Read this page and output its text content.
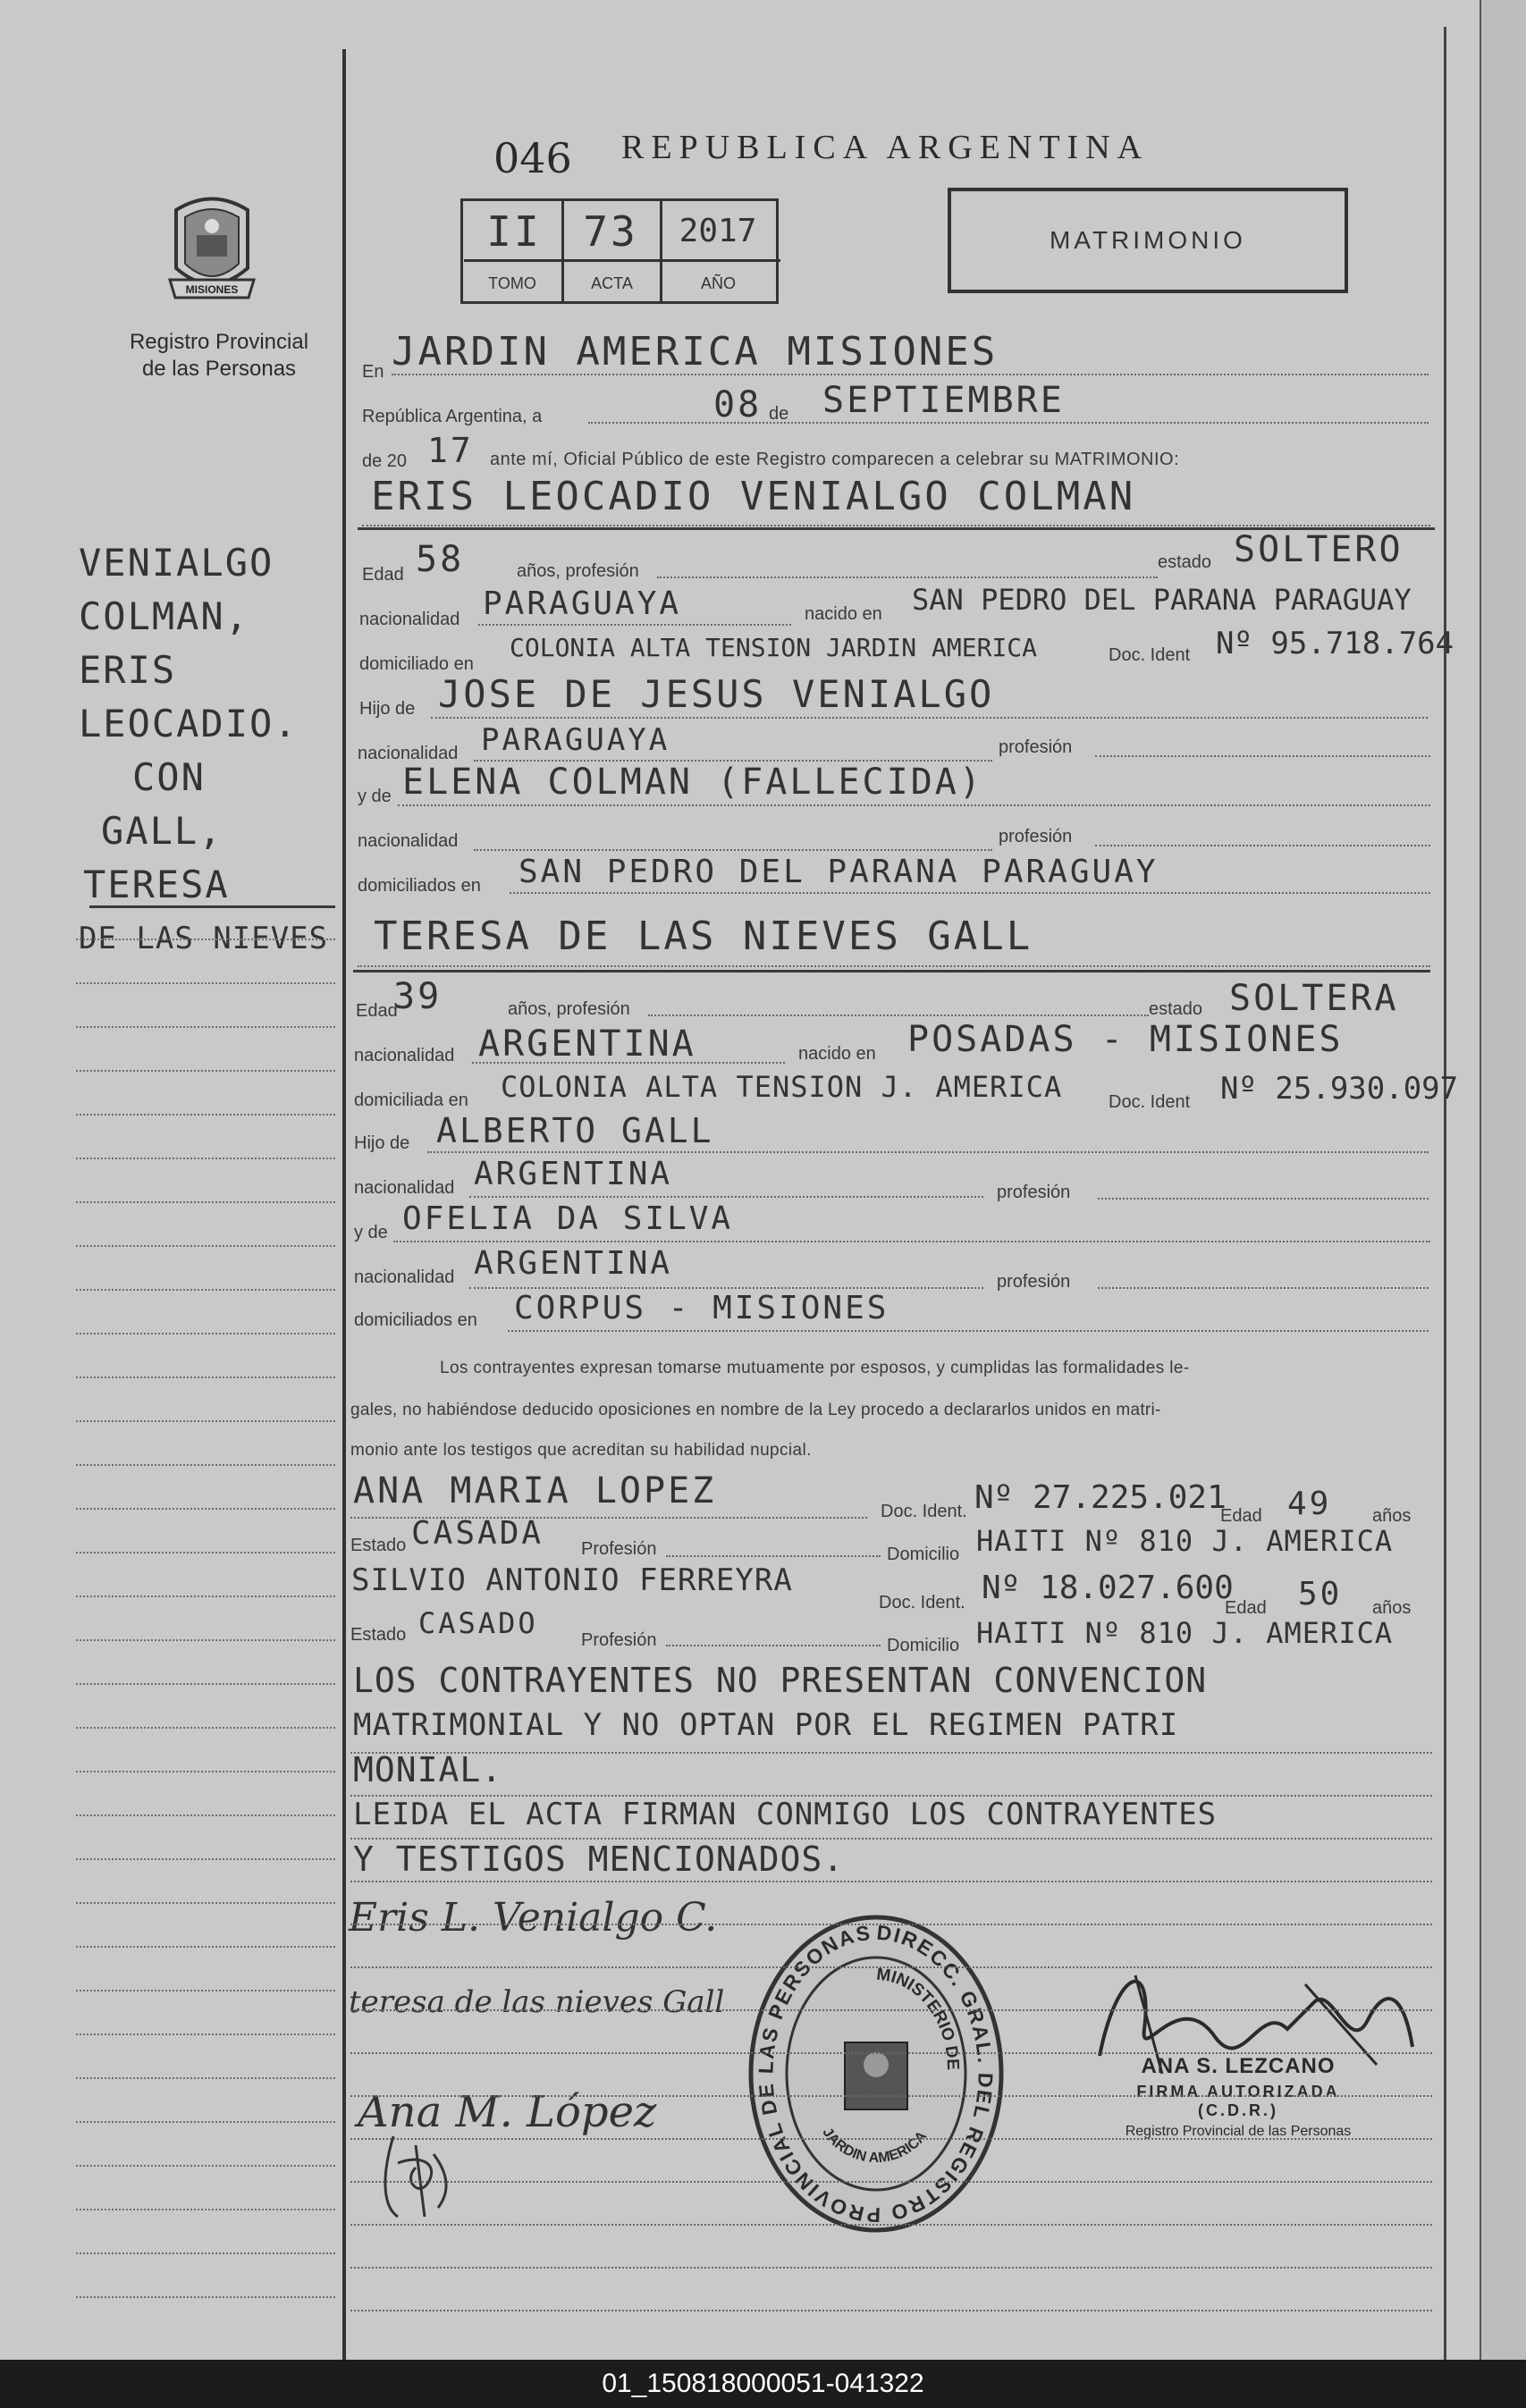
MISIONES
Registro Provincial
de las Personas
046 REPUBLICA ARGENTINA
II	73	2017
TOMO	ACTA	AÑO
MATRIMONIO
VENIALGO
COLMAN,
ERIS
LEOCADIO.
CON
GALL,
TERESA
DE LAS NIEVES
En JARDIN AMERICA MISIONES
República Argentina, a	08 de SEPTIEMBRE
de 20 17 ante mí, Oficial Público de este Registro comparecen a celebrar su MATRIMONIO:
ERIS LEOCADIO VENIALGO COLMAN
Edad 58	años, profesión	estado SOLTERO
nacionalidad PARAGUAYA	nacido en SAN PEDRO DEL PARANA PARAGUAY
domiciliado en
COLONIA ALTA TENSION JARDIN AMERICA	Doc. Ident Nº 95.718.764
Hijo de JOSE DE JESUS VENIALGO
nacionalidad PARAGUAYA	profesión
y de ELENA COLMAN (FALLECIDA)
nacionalidad	profesión
domiciliados en SAN PEDRO DEL PARANA PARAGUAY
TERESA DE LAS NIEVES GALL
Edad
39	años, profesión	estado SOLTERA
nacionalidad ARGENTINA	nacido en POSADAS - MISIONES
domiciliada en COLONIA ALTA TENSION J. AMERICA	Doc. Ident Nº 25.930.097
Hijo de ALBERTO GALL
nacionalidad ARGENTINA	profesión
y de OFELIA DA SILVA
nacionalidad ARGENTINA	profesión
domiciliados en CORPUS - MISIONES
Los contrayentes expresan tomarse mutuamente por esposos, y cumplidas las formalidades le-
gales, no habiéndose deducido oposiciones en nombre de la Ley procedo a declararlos unidos en matri-
monio ante los testigos que acreditan su habilidad nupcial.
ANA MARIA LOPEZ	Doc. Ident. Nº 27.225.021
Edad 49 años
Estado CASADA Profesión	Domicilio HAITI Nº 810 J. AMERICA
SILVIO ANTONIO FERREYRA
Doc. Ident. Nº 18.027.600
Edad 50 años
Estado CASADO Profesión	Domicilio HAITI Nº 810 J. AMERICA
LOS CONTRAYENTES NO PRESENTAN CONVENCION
MATRIMONIAL Y NO OPTAN POR EL REGIMEN PATRI
MONIAL.
LEIDA EL ACTA FIRMAN CONMIGO LOS CONTRAYENTES
Y TESTIGOS MENCIONADOS.
Eris L. Venialgo C.
teresa de las nieves Gall
Ana M. López
DIRECC. GRAL. DEL REGISTRO PROVINCIAL DE LAS PERSONAS
MINISTERIO DE
JARDIN AMERICA
ANA S. LEZCANO
FIRMA AUTORIZADA
(C.D.R.)
Registro Provincial de las Personas
01_150818000051-041322
